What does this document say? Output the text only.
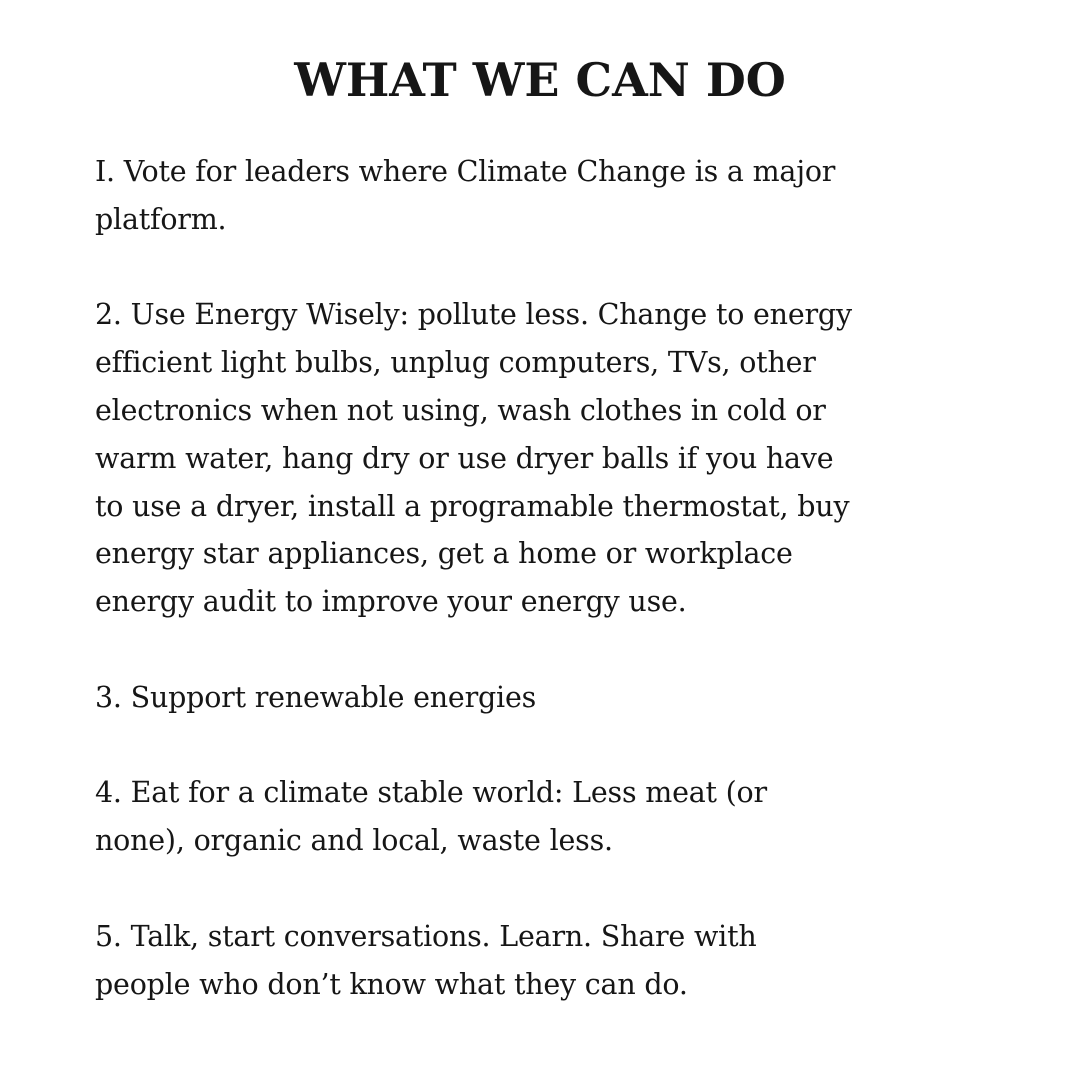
WHAT WE CAN DO
I. Vote for leaders where Climate Change is a major
platform.
2. Use Energy Wisely: pollute less. Change to energy
efficient light bulbs, unplug computers, TVs, other
electronics when not using, wash clothes in cold or
warm water, hang dry or use dryer balls if you have
to use a dryer, install a programable thermostat, buy
energy star appliances, get a home or workplace
energy audit to improve your energy use.
3. Support renewable energies
4. Eat for a climate stable world: Less meat (or
none), organic and local, waste less.
5. Talk, start conversations. Learn. Share with
people who don’t know what they can do.
